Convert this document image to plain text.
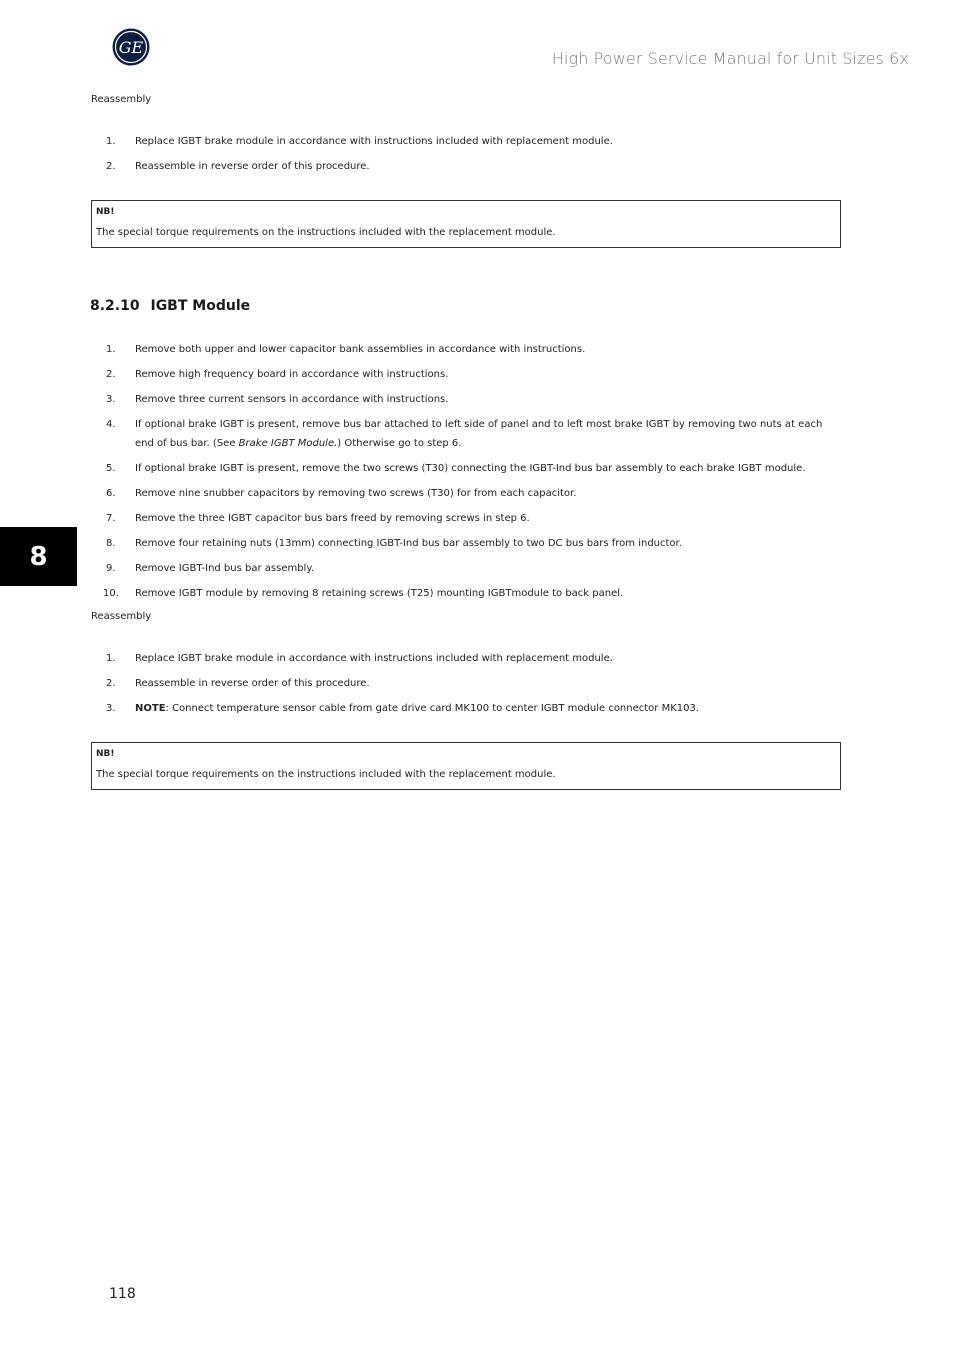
GE
High Power Service Manual for Unit Sizes 6x
Reassembly
1.	Replace IGBT brake module in accordance with instructions included with replacement module.
2.	Reassemble in reverse order of this procedure.
NB!
The special torque requirements on the instructions included with the replacement module.
8.2.10 IGBT Module
1.	Remove both upper and lower capacitor bank assemblies in accordance with instructions.
2.	Remove high frequency board in accordance with instructions.
3.	Remove three current sensors in accordance with instructions.
4.	If optional brake IGBT is present, remove bus bar attached to left side of panel and to left most brake IGBT by removing two nuts at each end of bus bar. (See Brake IGBT Module.) Otherwise go to step 6.
5.	If optional brake IGBT is present, remove the two screws (T30) connecting the IGBT-Ind bus bar assembly to each brake IGBT module.
6.	Remove nine snubber capacitors by removing two screws (T30) for from each capacitor.
7.	Remove the three IGBT capacitor bus bars freed by removing screws in step 6.
8.	Remove four retaining nuts (13mm) connecting IGBT-Ind bus bar assembly to two DC bus bars from inductor.
9.	Remove IGBT-Ind bus bar assembly.
10.	Remove IGBT module by removing 8 retaining screws (T25) mounting IGBTmodule to back panel.
Reassembly
1.	Replace IGBT brake module in accordance with instructions included with replacement module.
2.	Reassemble in reverse order of this procedure.
3.	NOTE: Connect temperature sensor cable from gate drive card MK100 to center IGBT module connector MK103.
NB!
The special torque requirements on the instructions included with the replacement module.
8
118
